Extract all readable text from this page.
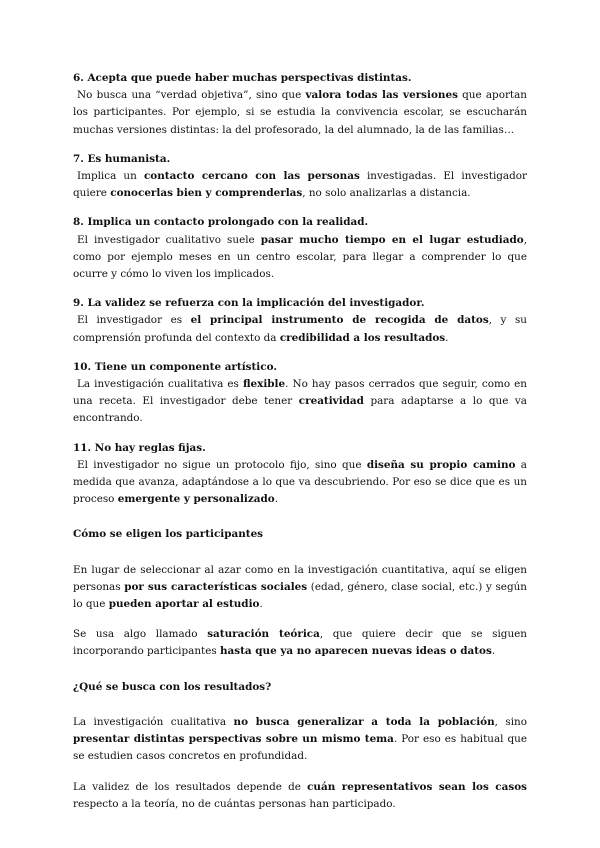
6. Acepta que puede haber muchas perspectivas distintas.

No busca una “verdad objetiva”, sino que valora todas las versiones que aportan los participantes. Por ejemplo, si se estudia la convivencia escolar, se escucharán muchas versiones distintas: la del profesorado, la del alumnado, la de las familias…

7. Es humanista.

Implica un contacto cercano con las personas investigadas. El investigador quiere conocerlas bien y comprenderlas, no solo analizarlas a distancia.

8. Implica un contacto prolongado con la realidad.

El investigador cualitativo suele pasar mucho tiempo en el lugar estudiado, como por ejemplo meses en un centro escolar, para llegar a comprender lo que ocurre y cómo lo viven los implicados.

9. La validez se refuerza con la implicación del investigador.

El investigador es el principal instrumento de recogida de datos, y su comprensión profunda del contexto da credibilidad a los resultados.

10. Tiene un componente artístico.

La investigación cualitativa es flexible. No hay pasos cerrados que seguir, como en una receta. El investigador debe tener creatividad para adaptarse a lo que va encontrando.

11. No hay reglas fijas.

El investigador no sigue un protocolo fijo, sino que diseña su propio camino a medida que avanza, adaptándose a lo que va descubriendo. Por eso se dice que es un proceso emergente y personalizado.

Cómo se eligen los participantes

En lugar de seleccionar al azar como en la investigación cuantitativa, aquí se eligen personas por sus características sociales (edad, género, clase social, etc.) y según lo que pueden aportar al estudio.

Se usa algo llamado saturación teórica, que quiere decir que se siguen incorporando participantes hasta que ya no aparecen nuevas ideas o datos.

¿Qué se busca con los resultados?

La investigación cualitativa no busca generalizar a toda la población, sino presentar distintas perspectivas sobre un mismo tema. Por eso es habitual que se estudien casos concretos en profundidad.

La validez de los resultados depende de cuán representativos sean los casos respecto a la teoría, no de cuántas personas han participado.
